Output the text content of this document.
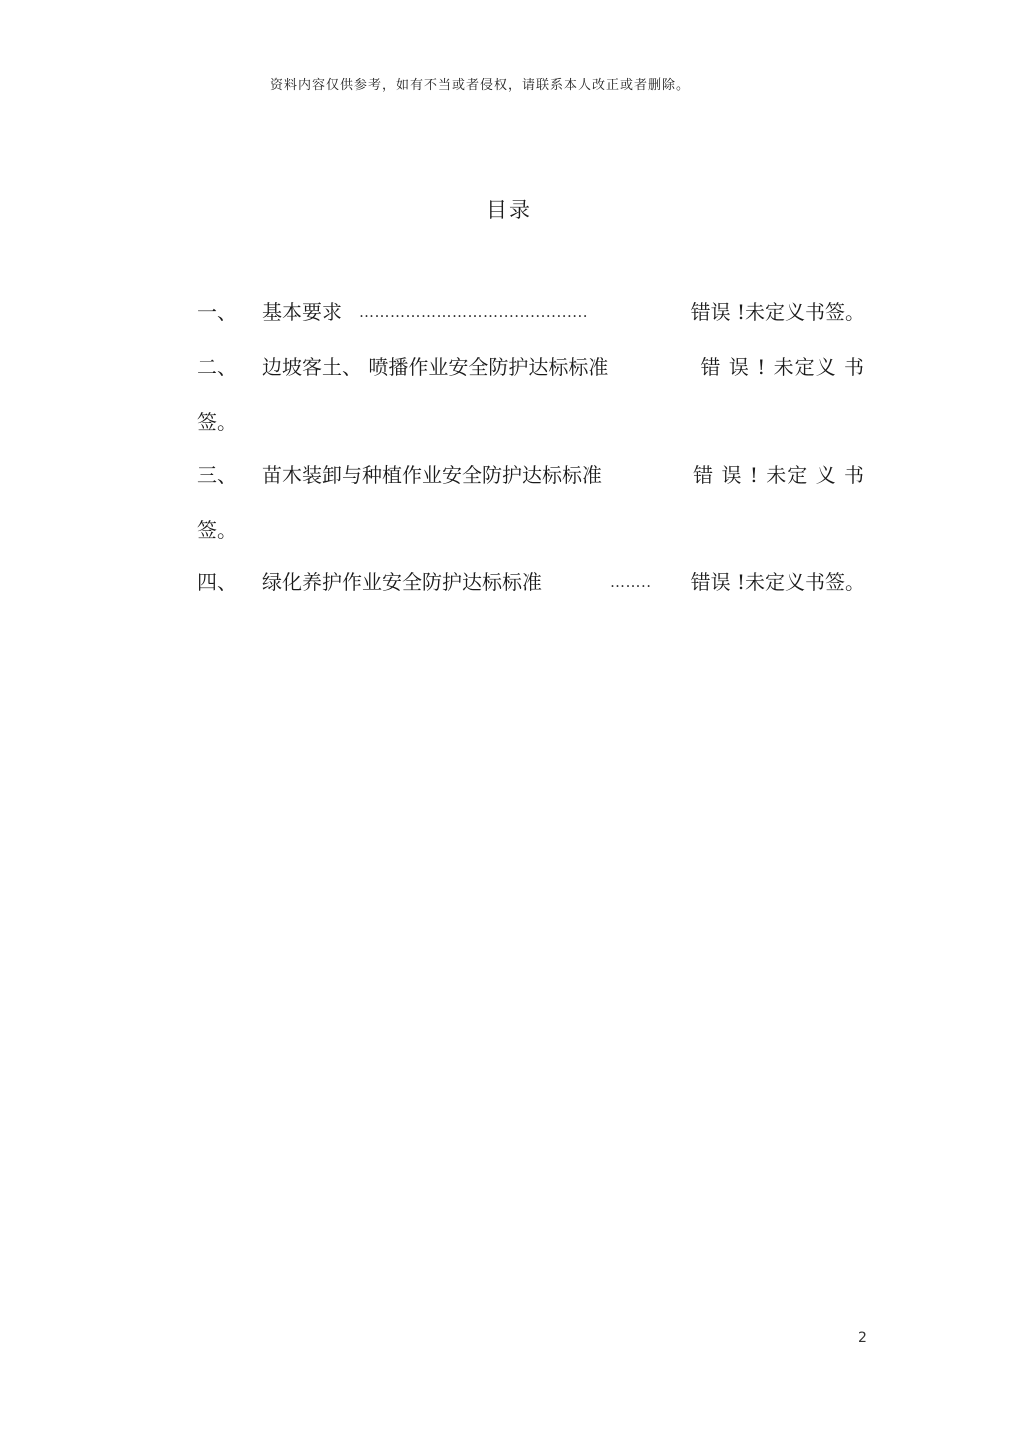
资料内容仅供参考，如有不当或者侵权，请联系本人改正或者删除。
目录
一、 基本要求 ……………………….................	错误 !未定义书签。
二、 边坡客土、 喷播作业安全防护达标标准	错 误 ! 未定义 书
签。
三、 苗木装卸与种植作业安全防护达标标准	错 误 ! 未定 义 书
签。
四、 绿化养护作业安全防护达标标准	…….. 错误 !未定义书签。
2
